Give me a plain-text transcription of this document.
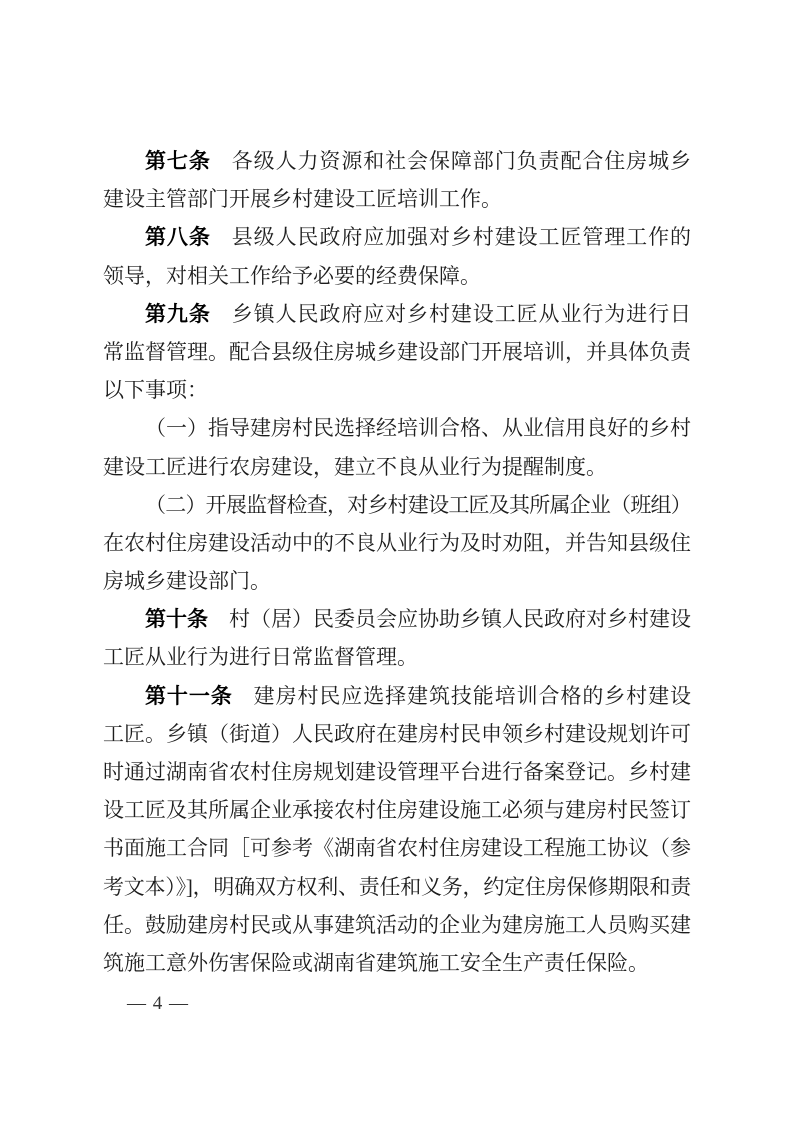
第七条 各级人力资源和社会保障部门负责配合住房城乡
建设主管部门开展乡村建设工匠培训工作。

第八条 县级人民政府应加强对乡村建设工匠管理工作的
领导，对相关工作给予必要的经费保障。

第九条 乡镇人民政府应对乡村建设工匠从业行为进行日
常监督管理。配合县级住房城乡建设部门开展培训，并具体负责
以下事项：

（一）指导建房村民选择经培训合格、从业信用良好的乡村
建设工匠进行农房建设，建立不良从业行为提醒制度。

（二）开展监督检查，对乡村建设工匠及其所属企业（班组）
在农村住房建设活动中的不良从业行为及时劝阻，并告知县级住
房城乡建设部门。

第十条 村（居）民委员会应协助乡镇人民政府对乡村建设
工匠从业行为进行日常监督管理。

第十一条 建房村民应选择建筑技能培训合格的乡村建设
工匠。乡镇（街道）人民政府在建房村民申领乡村建设规划许可
时通过湖南省农村住房规划建设管理平台进行备案登记。乡村建
设工匠及其所属企业承接农村住房建设施工必须与建房村民签订
书面施工合同［可参考《湖南省农村住房建设工程施工协议（参
考文本）》]，明确双方权利、责任和义务，约定住房保修期限和责
任。鼓励建房村民或从事建筑活动的企业为建房施工人员购买建
筑施工意外伤害保险或湖南省建筑施工安全生产责任保险。

— 4 —
